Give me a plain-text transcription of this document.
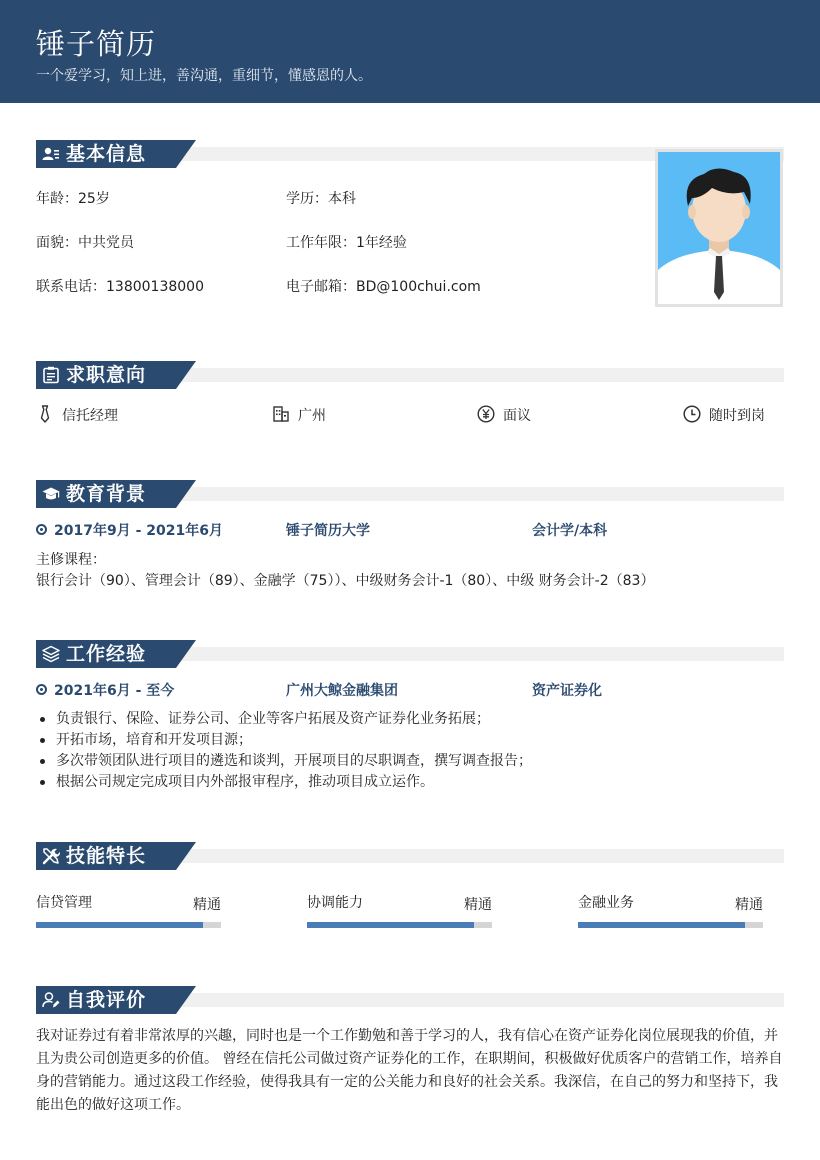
锤子简历
一个爱学习，知上进，善沟通，重细节，懂感恩的人。
基本信息
年龄：25岁	学历：本科
面貌：中共党员	工作年限：1年经验
联系电话：13800138000	电子邮箱：BD@100chui.com
求职意向
信托经理	广州	面议	随时到岗
教育背景
2017年9月 - 2021年6月	锤子简历大学	会计学/本科
主修课程：
银行会计（90）、管理会计（89）、金融学（75））、中级财务会计-1（80）、中级 财务会计-2（83）
工作经验
2021年6月 - 至今	广州大鲸金融集团	资产证券化
负责银行、保险、证券公司、企业等客户拓展及资产证券化业务拓展；
开拓市场，培育和开发项目源；
多次带领团队进行项目的遴选和谈判，开展项目的尽职调查，撰写调查报告；
根据公司规定完成项目内外部报审程序，推动项目成立运作。
技能特长
信贷管理	精通	协调能力	精通	金融业务	精通
自我评价
我对证券过有着非常浓厚的兴趣，同时也是一个工作勤勉和善于学习的人，我有信心在资产证券化岗位展现我的价值，并且为贵公司创造更多的价值。 曾经在信托公司做过资产证券化的工作，在职期间，积极做好优质客户的营销工作，培养自身的营销能力。通过这段工作经验，使得我具有一定的公关能力和良好的社会关系。我深信，在自己的努力和坚持下，我能出色的做好这项工作。
